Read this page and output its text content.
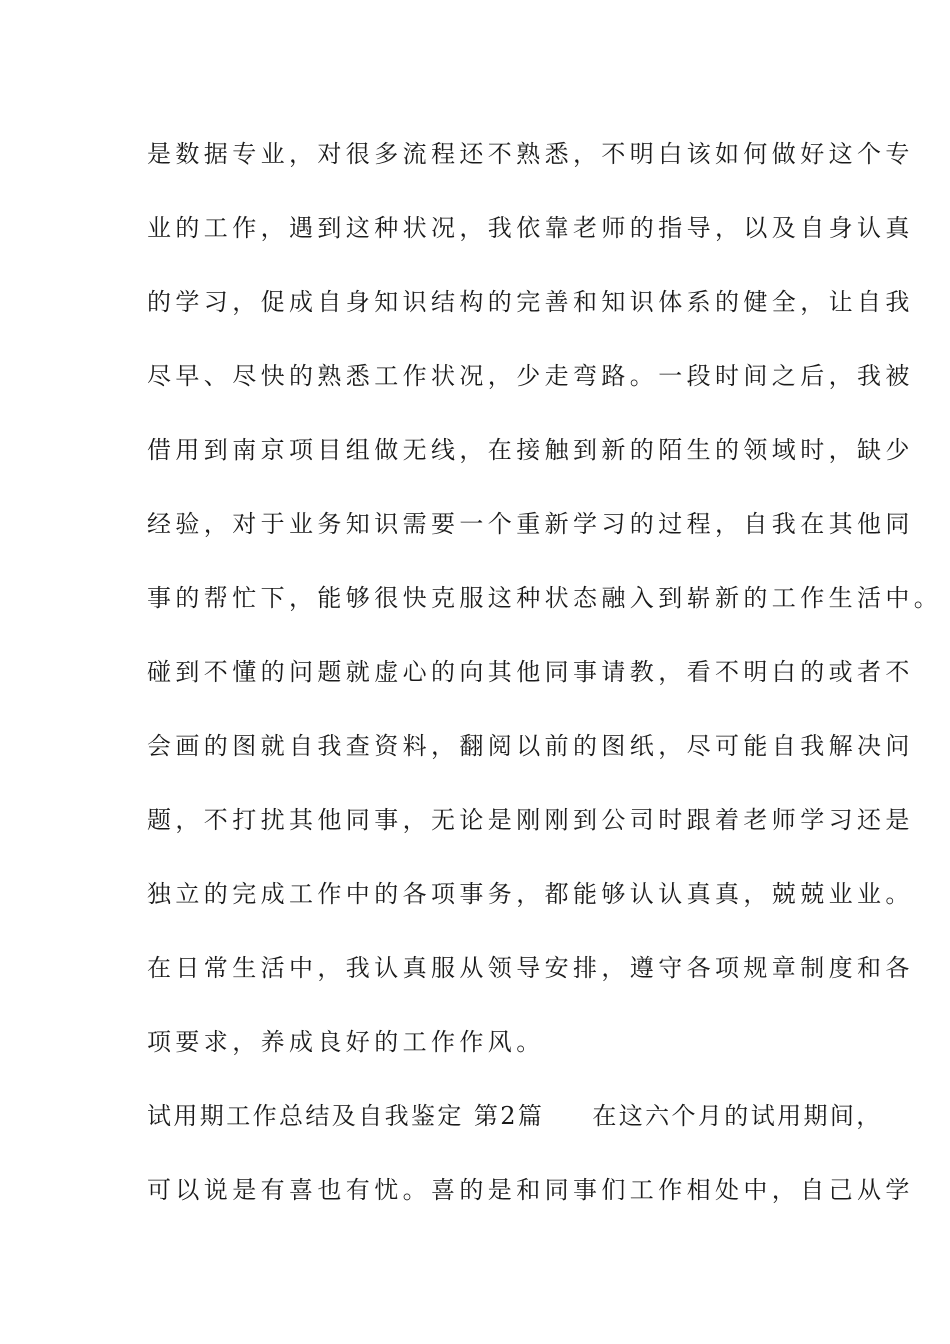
是数据专业，对很多流程还不熟悉，不明白该如何做好这个专
业的工作，遇到这种状况，我依靠老师的指导，以及自身认真
的学习，促成自身知识结构的完善和知识体系的健全，让自我
尽早、尽快的熟悉工作状况，少走弯路。一段时间之后，我被
借用到南京项目组做无线，在接触到新的陌生的领域时，缺少
经验，对于业务知识需要一个重新学习的过程，自我在其他同
事的帮忙下，能够很快克服这种状态融入到崭新的工作生活中。
碰到不懂的问题就虚心的向其他同事请教，看不明白的或者不
会画的图就自我查资料，翻阅以前的图纸，尽可能自我解决问
题，不打扰其他同事，无论是刚刚到公司时跟着老师学习还是
独立的完成工作中的各项事务，都能够认认真真，兢兢业业。
在日常生活中，我认真服从领导安排，遵守各项规章制度和各
项要求，养成良好的工作作风。
试用期工作总结及自我鉴定 第2篇 在这六个月的试用期间，
可以说是有喜也有忧。喜的是和同事们工作相处中，自己从学
